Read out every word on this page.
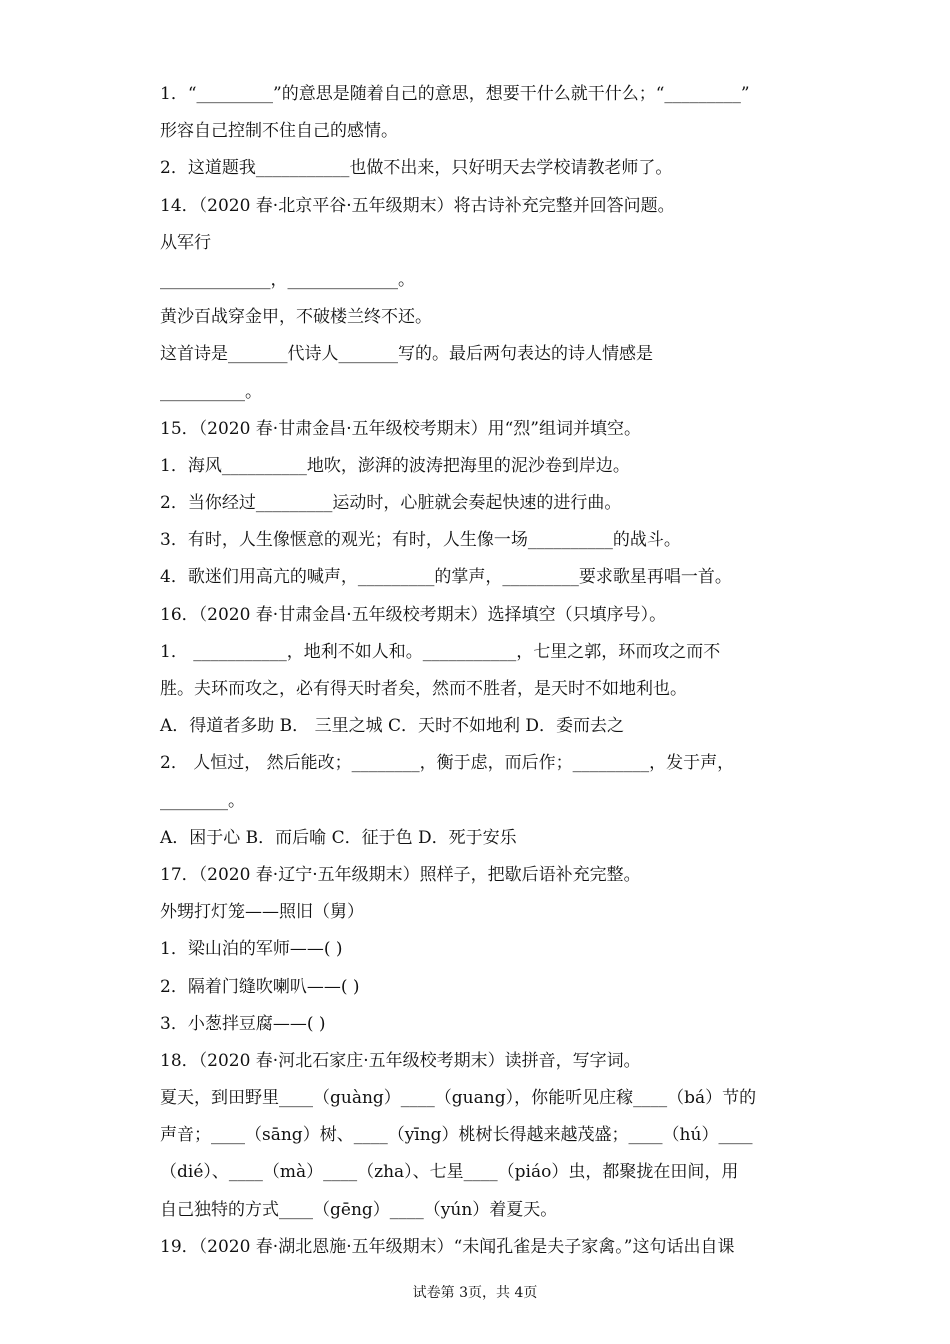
1．“_________”的意思是随着自己的意思，想要干什么就干什么；“_________”
形容自己控制不住自己的感情。
2．这道题我___________也做不出来，只好明天去学校请教老师了。
14．（2020 春·北京平谷·五年级期末）将古诗补充完整并回答问题。
从军行
_____________，_____________。
黄沙百战穿金甲，不破楼兰终不还。
这首诗是_______代诗人_______写的。最后两句表达的诗人情感是
__________。
15．（2020 春·甘肃金昌·五年级校考期末）用“烈”组词并填空。
1．海风__________地吹，澎湃的波涛把海里的泥沙卷到岸边。
2．当你经过_________运动时，心脏就会奏起快速的进行曲。
3．有时，人生像惬意的观光；有时，人生像一场__________的战斗。
4．歌迷们用高亢的喊声，_________的掌声，_________要求歌星再唱一首。
16．（2020 春·甘肃金昌·五年级校考期末）选择填空（只填序号）。
1． ___________，地利不如人和。___________，七里之郭，环而攻之而不
胜。夫环而攻之，必有得天时者矣，然而不胜者，是天时不如地利也。
A．得道者多助 B． 三里之城 C．天时不如地利 D．委而去之
2． 人恒过， 然后能改；________，衡于虑，而后作；_________，发于声，
________。
A．困于心 B．而后喻 C．征于色 D．死于安乐
17．（2020 春·辽宁·五年级期末）照样子，把歇后语补充完整。
外甥打灯笼——照旧（舅）
1．梁山泊的军师——( )
2．隔着门缝吹喇叭——( )
3．小葱拌豆腐——( )
18．（2020 春·河北石家庄·五年级校考期末）读拼音，写字词。
夏天，到田野里____（guàng）____（guang），你能听见庄稼____（bá）节的
声音；____（sāng）树、____（yīng）桃树长得越来越茂盛；____（hú）____
（dié）、____（mà）____（zha）、七星____（piáo）虫，都聚拢在田间，用
自己独特的方式____（gēng）____（yún）着夏天。
19．（2020 春·湖北恩施·五年级期末）“未闻孔雀是夫子家禽。”这句话出自课
试卷第 3页，共 4页
